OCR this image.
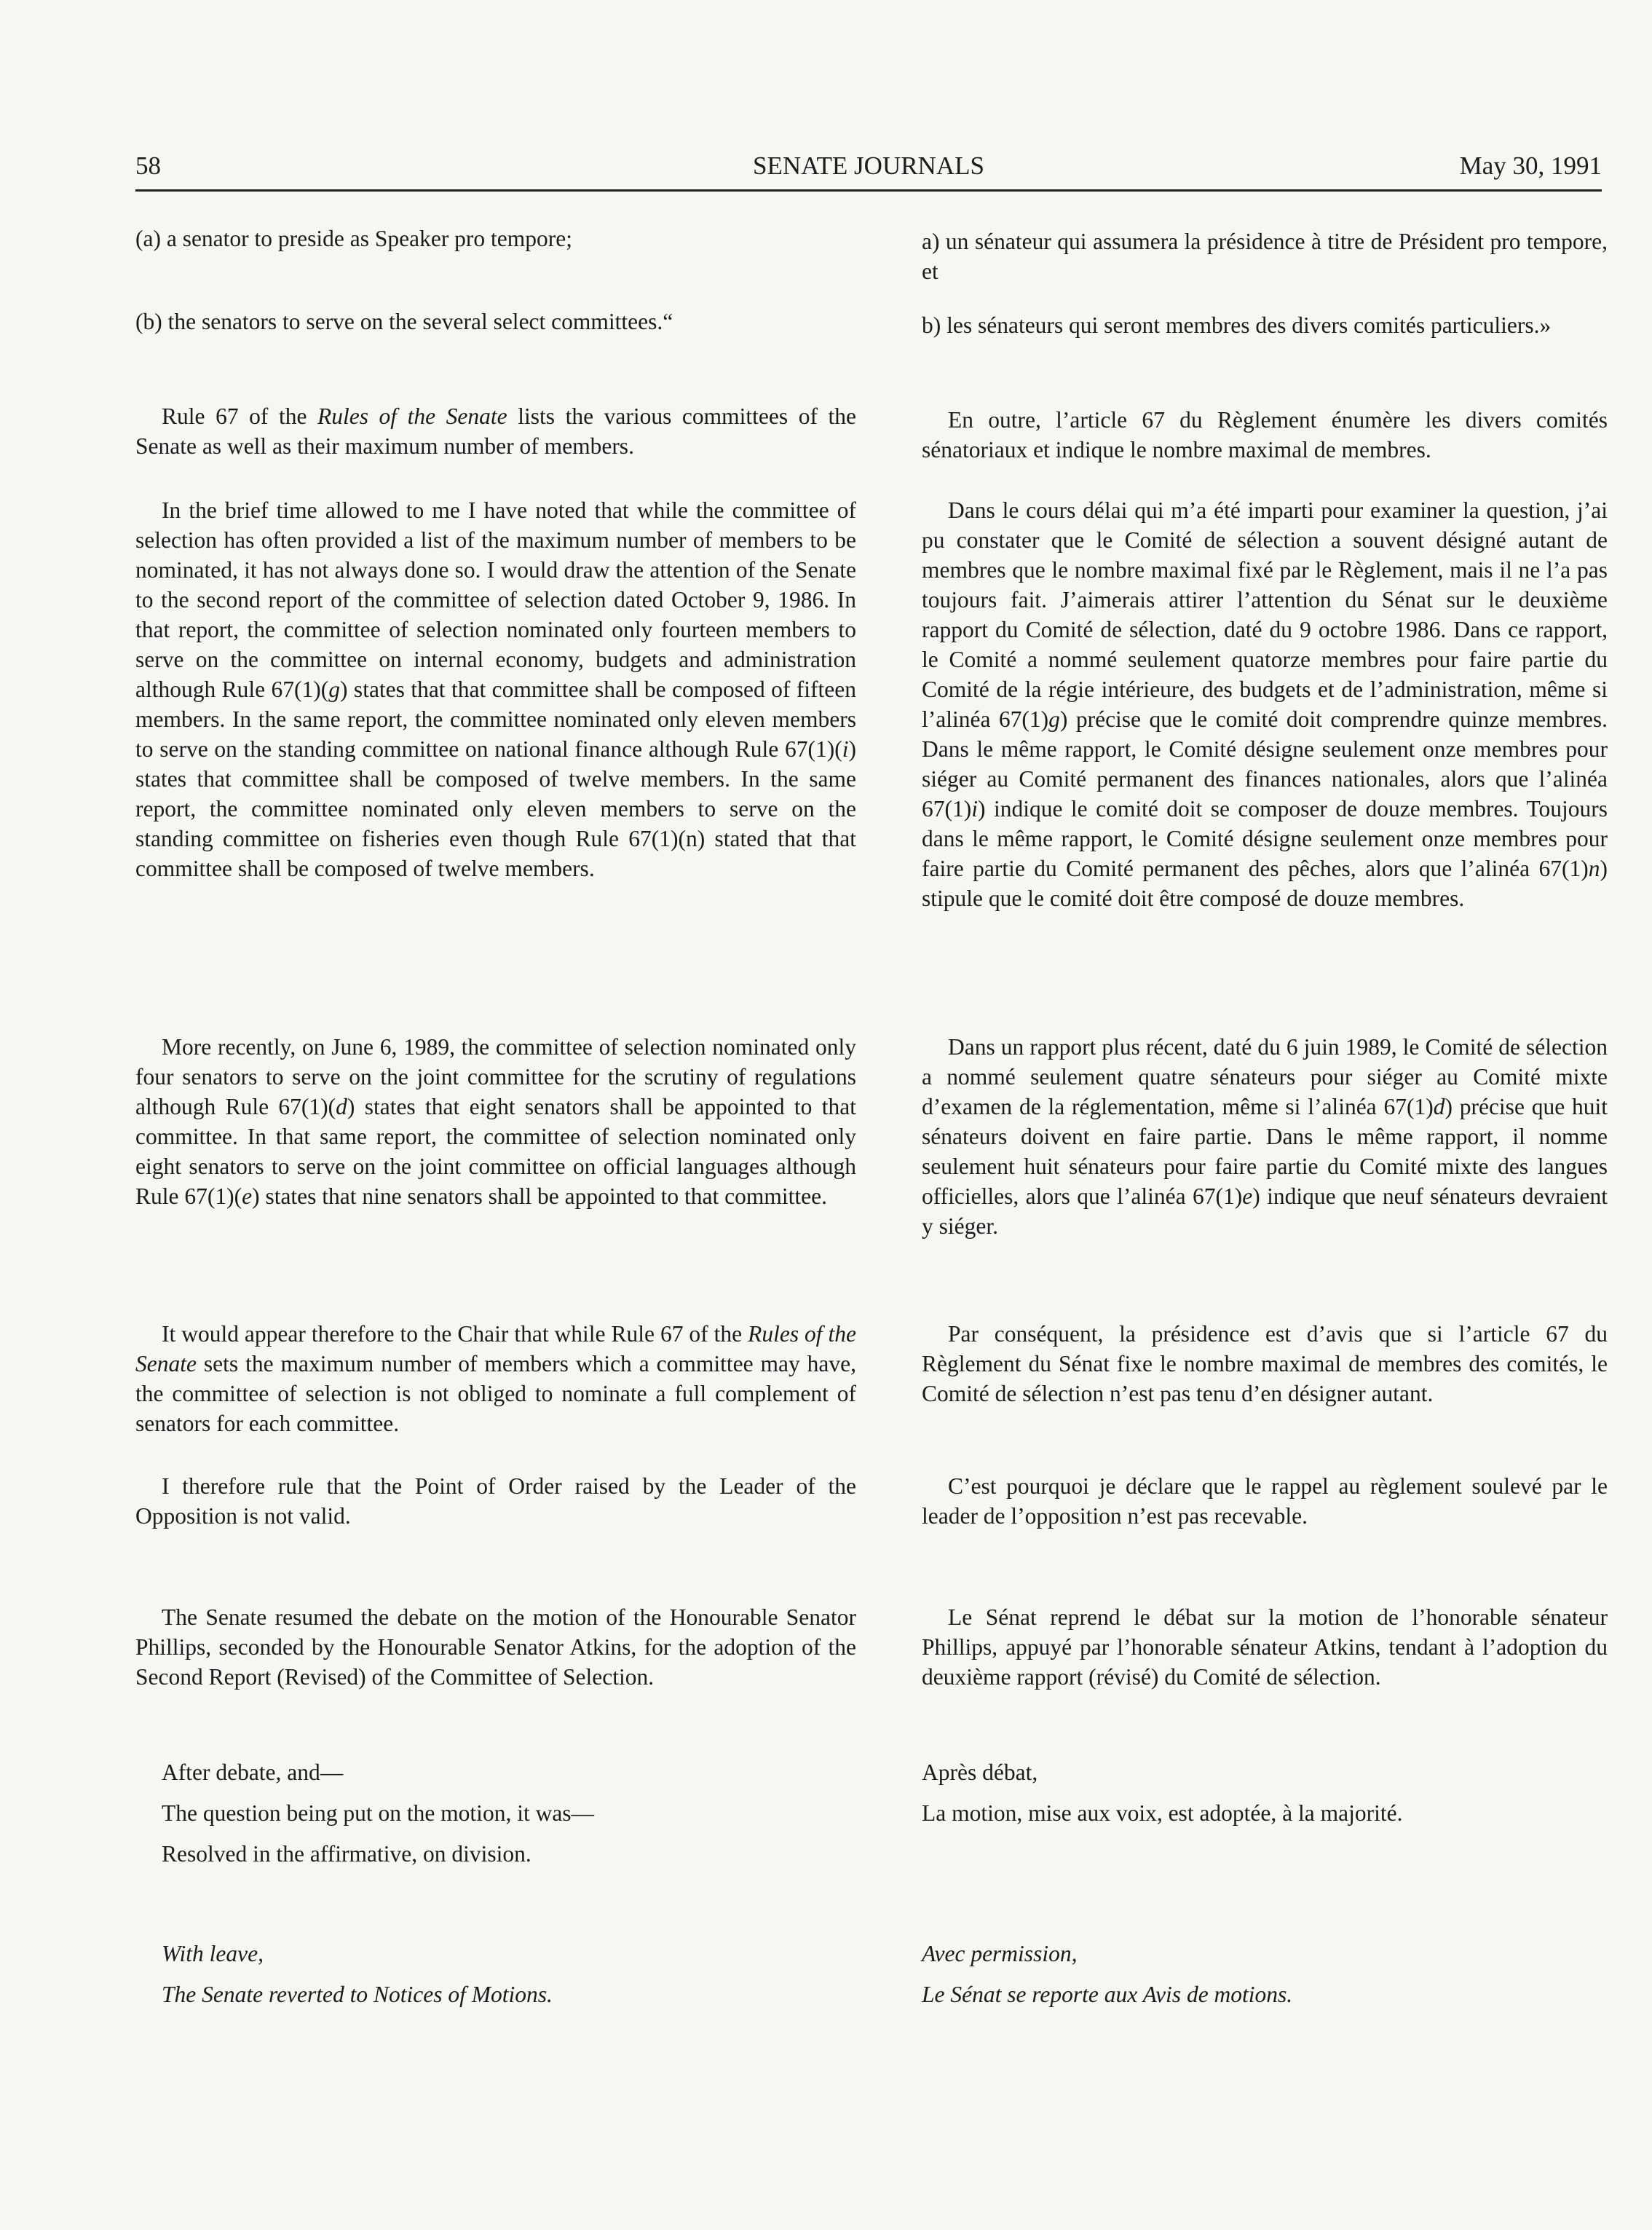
58	SENATE JOURNALS	May 30, 1991

(a) a senator to preside as Speaker pro tempore;

(b) the senators to serve on the several select committees.“

Rule 67 of the Rules of the Senate lists the various committees of the Senate as well as their maximum number of members.

In the brief time allowed to me I have noted that while the committee of selection has often provided a list of the maximum number of members to be nominated, it has not always done so. I would draw the attention of the Senate to the second report of the committee of selection dated October 9, 1986. In that report, the committee of selection nominated only fourteen members to serve on the committee on internal economy, budgets and administration although Rule 67(1)(g) states that that committee shall be composed of fifteen members. In the same report, the committee nominated only eleven members to serve on the standing committee on national finance although Rule 67(1)(i) states that committee shall be composed of twelve members. In the same report, the committee nominated only eleven members to serve on the standing committee on fisheries even though Rule 67(1)(n) stated that that committee shall be composed of twelve members.

More recently, on June 6, 1989, the committee of selection nominated only four senators to serve on the joint committee for the scrutiny of regulations although Rule 67(1)(d) states that eight senators shall be appointed to that committee. In that same report, the committee of selection nominated only eight senators to serve on the joint committee on official languages although Rule 67(1)(e) states that nine senators shall be appointed to that committee.

It would appear therefore to the Chair that while Rule 67 of the Rules of the Senate sets the maximum number of members which a committee may have, the committee of selection is not obliged to nominate a full complement of senators for each committee.

I therefore rule that the Point of Order raised by the Leader of the Opposition is not valid.

The Senate resumed the debate on the motion of the Honourable Senator Phillips, seconded by the Honourable Senator Atkins, for the adoption of the Second Report (Revised) of the Committee of Selection.

After debate, and—

The question being put on the motion, it was—

Resolved in the affirmative, on division.

With leave,

The Senate reverted to Notices of Motions.

a) un sénateur qui assumera la présidence à titre de Président pro tempore, et

b) les sénateurs qui seront membres des divers comités particuliers.»

En outre, l’article 67 du Règlement énumère les divers comités sénatoriaux et indique le nombre maximal de membres.

Dans le cours délai qui m’a été imparti pour examiner la question, j’ai pu constater que le Comité de sélection a souvent désigné autant de membres que le nombre maximal fixé par le Règlement, mais il ne l’a pas toujours fait. J’aimerais attirer l’attention du Sénat sur le deuxième rapport du Comité de sélection, daté du 9 octobre 1986. Dans ce rapport, le Comité a nommé seulement quatorze membres pour faire partie du Comité de la régie intérieure, des budgets et de l’administration, même si l’alinéa 67(1)g) précise que le comité doit comprendre quinze membres. Dans le même rapport, le Comité désigne seulement onze membres pour siéger au Comité permanent des finances nationales, alors que l’alinéa 67(1)i) indique le comité doit se composer de douze membres. Toujours dans le même rapport, le Comité désigne seulement onze membres pour faire partie du Comité permanent des pêches, alors que l’alinéa 67(1)n) stipule que le comité doit être composé de douze membres.

Dans un rapport plus récent, daté du 6 juin 1989, le Comité de sélection a nommé seulement quatre sénateurs pour siéger au Comité mixte d’examen de la réglementation, même si l’alinéa 67(1)d) précise que huit sénateurs doivent en faire partie. Dans le même rapport, il nomme seulement huit sénateurs pour faire partie du Comité mixte des langues officielles, alors que l’alinéa 67(1)e) indique que neuf sénateurs devraient y siéger.

Par conséquent, la présidence est d’avis que si l’article 67 du Règlement du Sénat fixe le nombre maximal de membres des comités, le Comité de sélection n’est pas tenu d’en désigner autant.

C’est pourquoi je déclare que le rappel au règlement soulevé par le leader de l’opposition n’est pas recevable.

Le Sénat reprend le débat sur la motion de l’honorable sénateur Phillips, appuyé par l’honorable sénateur Atkins, tendant à l’adoption du deuxième rapport (révisé) du Comité de sélection.

Après débat,

La motion, mise aux voix, est adoptée, à la majorité.

Avec permission,

Le Sénat se reporte aux Avis de motions.
